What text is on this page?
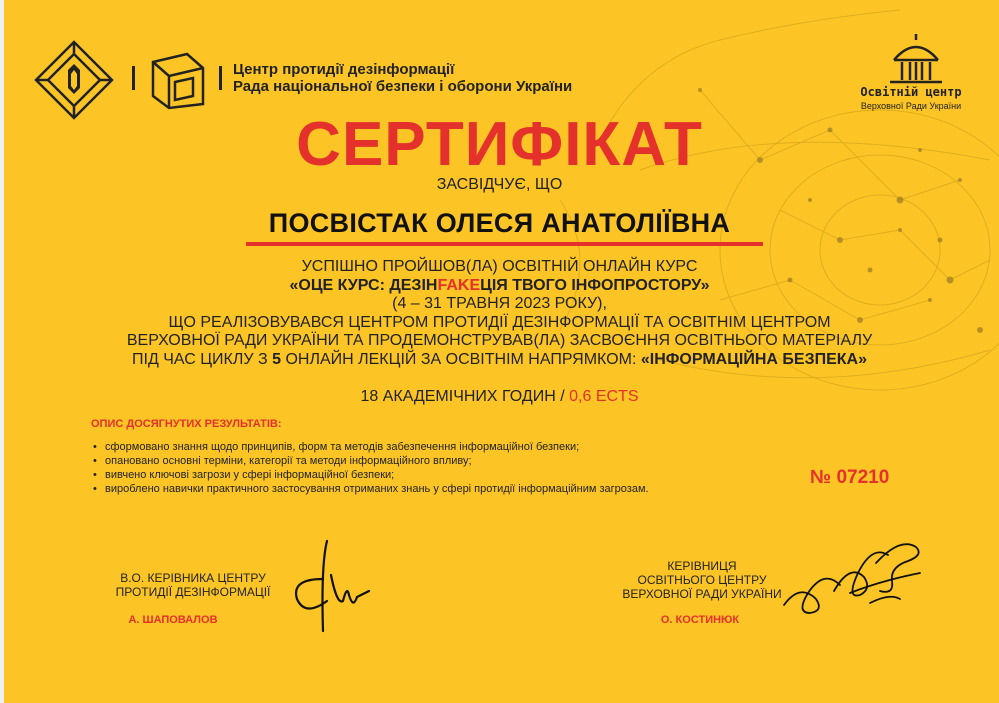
Центр протидії дезінформації
Рада національної безпеки і оборони України	Освітній центр
Верховної Ради України
СЕРТИФІКАТ
ЗАСВІДЧУЄ, ЩО
ПОСВІСТАК ОЛЕСЯ АНАТОЛІЇВНА
УСПІШНО ПРОЙШОВ(ЛА) ОСВІТНІЙ ОНЛАЙН КУРС
«ОЦЕ КУРС: ДЕЗІНFAKEЦІЯ ТВОГО ІНФОПРОСТОРУ»
(4 – 31 ТРАВНЯ 2023 РОКУ),
ЩО РЕАЛІЗОВУВАВСЯ ЦЕНТРОМ ПРОТИДІЇ ДЕЗІНФОРМАЦІЇ ТА ОСВІТНІМ ЦЕНТРОМ
ВЕРХОВНОЇ РАДИ УКРАЇНИ ТА ПРОДЕМОНСТРУВАВ(ЛА) ЗАСВОЄННЯ ОСВІТНЬОГО МАТЕРІАЛУ
ПІД ЧАС ЦИКЛУ З 5 ОНЛАЙН ЛЕКЦІЙ ЗА ОСВІТНІМ НАПРЯМКОМ: «ІНФОРМАЦІЙНА БЕЗПЕКА»
18 АКАДЕМІЧНИХ ГОДИН / 0,6 ECTS
ОПИС ДОСЯГНУТИХ РЕЗУЛЬТАТІВ:
• сформовано знання щодо принципів, форм та методів забезпечення інформаційної безпеки;
• опановано основні терміни, категорії та методи інформаційного впливу;
• вивчено ключові загрози у сфері інформаційної безпеки;
• вироблено навички практичного застосування отриманих знань у сфері протидії інформаційним загрозам.
№ 07210
В.О. КЕРІВНИКА ЦЕНТРУ
ПРОТИДІЇ ДЕЗІНФОРМАЦІЇ
А. ШАПОВАЛОВ
КЕРІВНИЦЯ
ОСВІТНЬОГО ЦЕНТРУ
ВЕРХОВНОЇ РАДИ УКРАЇНИ
О. КОСТИНЮК
